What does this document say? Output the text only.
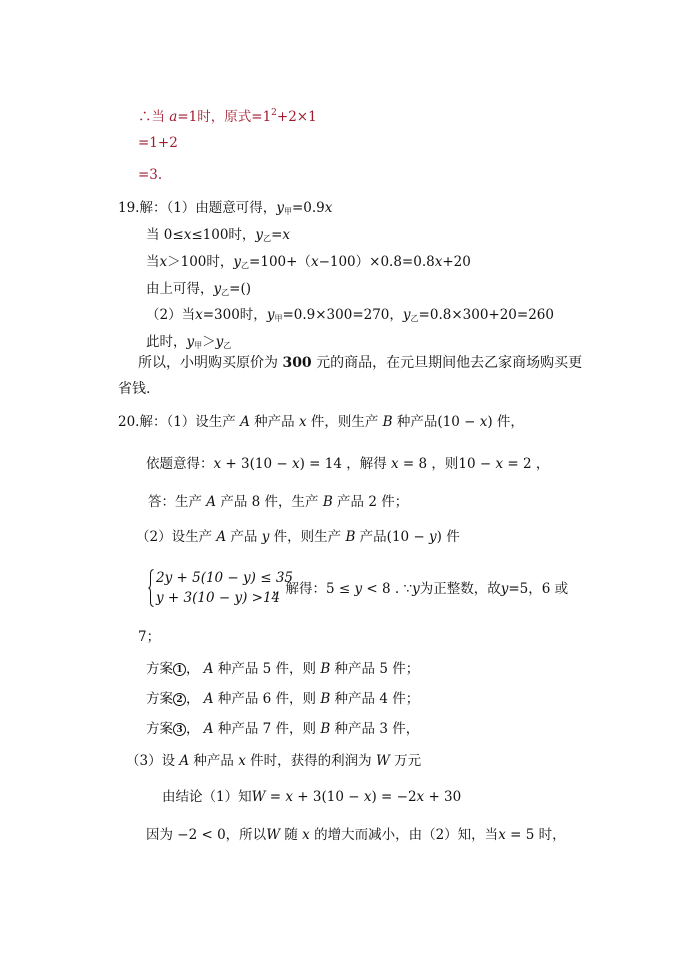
∴当 a=1时，原式$=1^2+2\times 1$
=1+2
=3.
19.解：（1）由题意可得，$y_甲=0.9x$
当 0≤x≤100时，$y_乙=x$
当x＞100时，$y_乙=100+(x-100)\times 0.8=0.8x+20$
由上可得，$y_乙=()$
（2）当x=300时，$y_甲=0.9\times 300=270$，$y_乙=0.8\times 300+20=260$
此时，$y_甲>y_乙$
所以，小明购买原价为 300 元的商品，在元旦期间他去乙家商场购买更
省钱.
20.解：（1）设生产 A 种产品 x 件，则生产 B 种产品(10 − x) 件，
依题意得：x + 3(10 − x) = 14 ，解得 x = 8 ，则10 − x = 2 ，
答：生产 A 产品 8 件，生产 B 产品 2 件；
（2）设生产 A 产品 y 件，则生产 B 产品(10 − y) 件
2y + 5(10 − y) ≤ 35
y + 3(10 − y) >14
，解得：5 ≤ y < 8 . ∵y为正整数，故y=5，6 或
7；
方案 1 ， A 种产品 5 件，则 B 种产品 5 件；
方案 2 ， A 种产品 6 件，则 B 种产品 4 件；
方案 3 ， A 种产品 7 件，则 B 种产品 3 件，
（3）设 A 种产品 x 件时，获得的利润为 W 万元
由结论（1）知W = x + 3(10 − x) = −2x + 30
因为 −2 < 0，所以W 随 x 的增大而减小，由（2）知，当x = 5 时，
